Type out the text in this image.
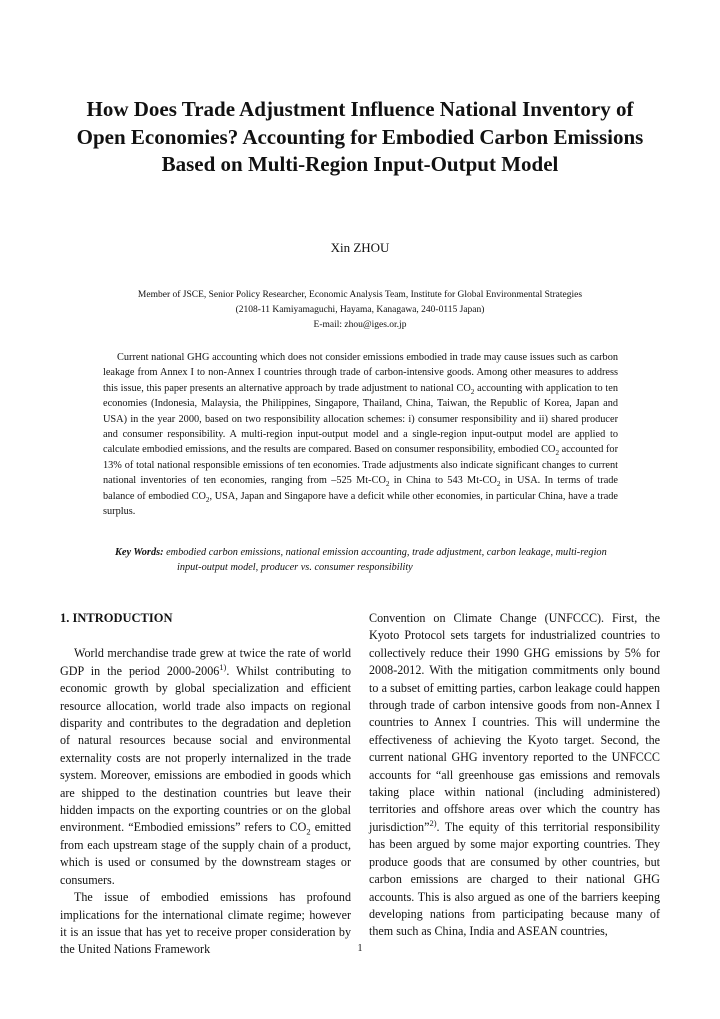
How Does Trade Adjustment Influence National Inventory of Open Economies? Accounting for Embodied Carbon Emissions Based on Multi-Region Input-Output Model
Xin ZHOU
Member of JSCE, Senior Policy Researcher, Economic Analysis Team, Institute for Global Environmental Strategies
(2108-11 Kamiyamaguchi, Hayama, Kanagawa, 240-0115 Japan)
E-mail: zhou@iges.or.jp

Current national GHG accounting which does not consider emissions embodied in trade may cause issues such as carbon leakage from Annex I to non-Annex I countries through trade of carbon-intensive goods. Among other measures to address this issue, this paper presents an alternative approach by trade adjustment to national $CO_2$ accounting with application to ten economies (Indonesia, Malaysia, the Philippines, Singapore, Thailand, China, Taiwan, the Republic of Korea, Japan and USA) in the year 2000, based on two responsibility allocation schemes: i) consumer responsibility and ii) shared producer and consumer responsibility. A multi-region input-output model and a single-region input-output model are applied to calculate embodied emissions, and the results are compared. Based on consumer responsibility, embodied $CO_2$ accounted for 13% of total national responsible emissions of ten economies. Trade adjustments also indicate significant changes to current national inventories of ten economies, ranging from –525 $Mt-CO_2$ in China to 543 $Mt-CO_2$ in USA. In terms of trade balance of embodied $CO_2$, USA, Japan and Singapore have a deficit while other economies, in particular China, have a trade surplus.

Key Words: embodied carbon emissions, national emission accounting, trade adjustment, carbon leakage, multi-region input-output model, producer vs. consumer responsibility

1. INTRODUCTION

World merchandise trade grew at twice the rate of world GDP in the period 2000-2006$^{1)}$. Whilst contributing to economic growth by global specialization and efficient resource allocation, world trade also impacts on regional disparity and contributes to the degradation and depletion of natural resources because social and environmental externality costs are not properly internalized in the trade system. Moreover, emissions are embodied in goods which are shipped to the destination countries but leave their hidden impacts on the exporting countries or on the global environment. “Embodied emissions” refers to $CO_2$ emitted from each upstream stage of the supply chain of a product, which is used or consumed by the downstream stages or consumers.

The issue of embodied emissions has profound implications for the international climate regime; however it is an issue that has yet to receive proper consideration by the United Nations Framework

Convention on Climate Change (UNFCCC). First, the Kyoto Protocol sets targets for industrialized countries to collectively reduce their 1990 GHG emissions by 5% for 2008-2012. With the mitigation commitments only bound to a subset of emitting parties, carbon leakage could happen through trade of carbon intensive goods from non-Annex I countries to Annex I countries. This will undermine the effectiveness of achieving the Kyoto target. Second, the current national GHG inventory reported to the UNFCCC accounts for “all greenhouse gas emissions and removals taking place within national (including administered) territories and offshore areas over which the country has jurisdiction”$^{2)}$. The equity of this territorial responsibility has been argued by some major exporting countries. They produce goods that are consumed by other countries, but carbon emissions are charged to their national GHG accounts. This is also argued as one of the barriers keeping developing nations from participating because many of them such as China, India and ASEAN countries,

1
